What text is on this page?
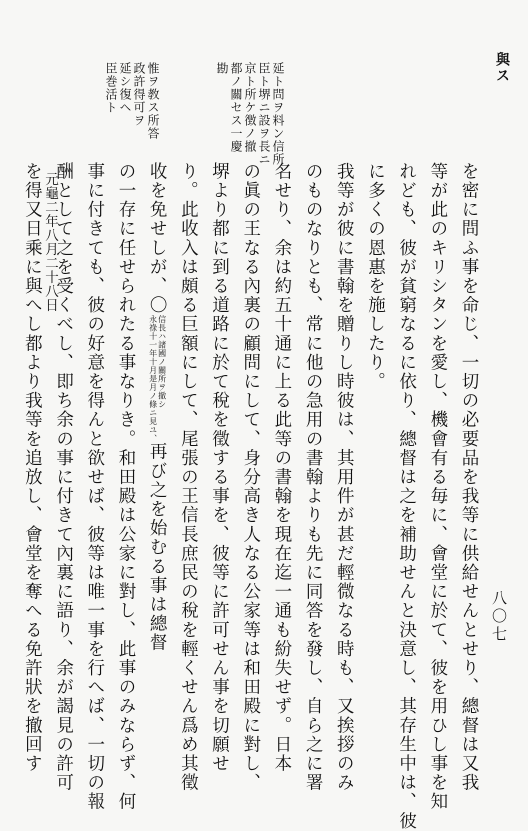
與ス
八〇七
惟ヲ教ス所答
政許得可ヲ
延シ復ヘ
臣巻活ト	延ト問ヲ料ン信所
臣ト堺ニ設ヲ長ニ
京ト所ケ徴ノ撤
都ノ關セス一慶
勘
元龜二年八月二十八日	を密に問ふ事を命じ、一切の必要品を我等に供給せんとせり、總督は又我
等が此のキリシタンを愛し、機會有る毎に、會堂に於て、彼を用ひし事を知
れども、彼が貧窮なるに依り、總督は之を補助せんと決意し、其存生中は、彼
に多くの恩惠を施したり。
我等が彼に書翰を贈りし時彼は、其用件が甚だ輕微なる時も、又挨拶のみ
のものなりとも、常に他の急用の書翰よりも先に同答を發し、自ら之に署
名せり、余は約五十通に上る此等の書翰を現在迄一通も紛失せず。日本
の眞の王なる內裏の顧問にして、身分高き人なる公家等は和田殿に對し、
堺より都に到る道路に於て稅を徵する事を、彼等に許可せん事を切願せ
り。此收入は頗る巨額にして、尾張の王信長庶民の稅を輕くせん爲め其徵
收を免せしが、〇
信長ハ諸國ノ關所ヲ撤シ
永祿十一年十月是月ノ條ニ見ユ、
再び之を始むる事は總督
の一存に任せられたる事なりき。和田殿は公家に對し、此事のみならず、何
事に付きても、彼の好意を得んと欲せば、彼等は唯一事を行へば、一切の報
酬として之を受くべし、即ち余の事に付きて內裏に語り、余が謁見の許可
を得又日乘に與へし都より我等を追放し、會堂を奪へる免許狀を撤回す
